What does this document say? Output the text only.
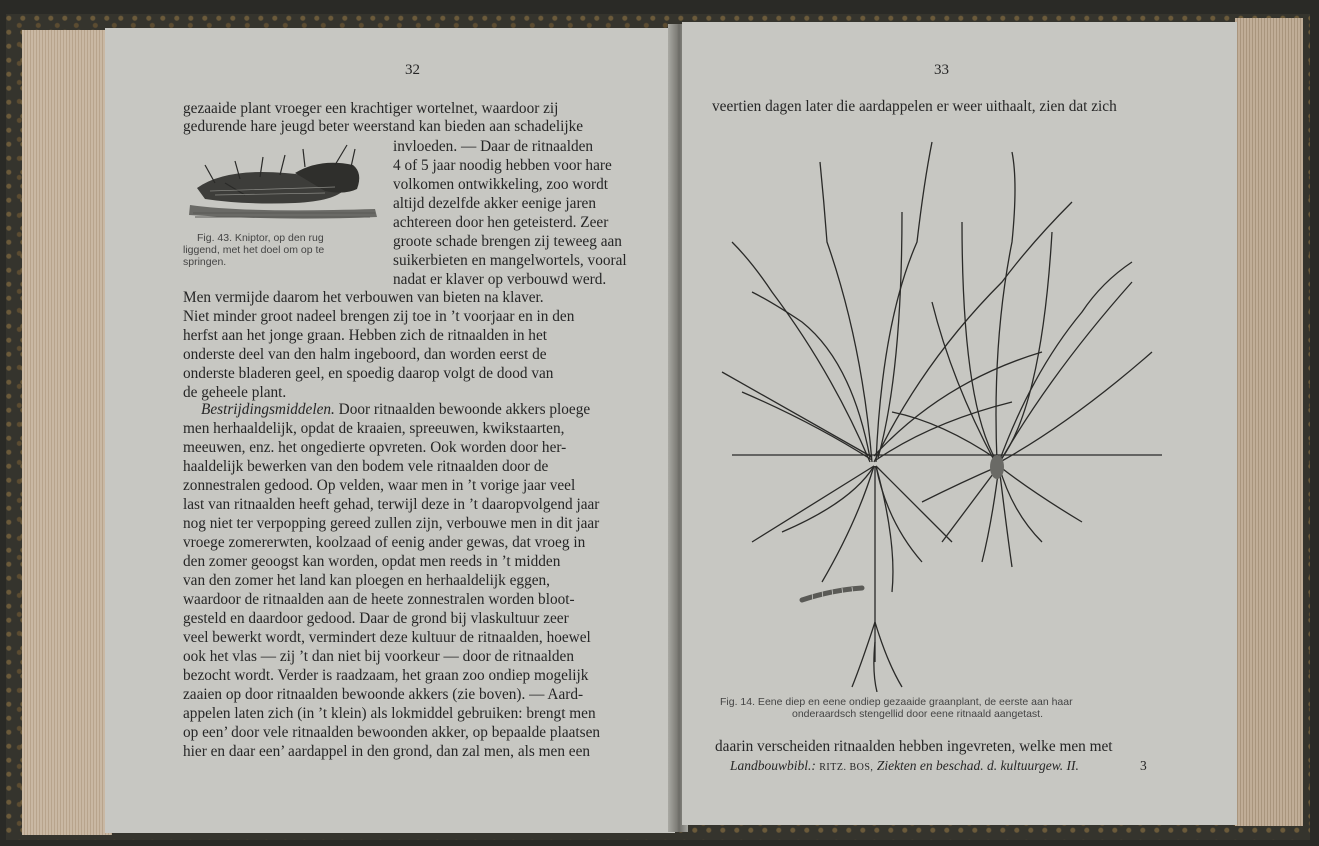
32
gezaaide plant vroeger een krachtiger wortelnet, waardoor zij
gedurende hare jeugd beter weerstand kan bieden aan schadelijke
invloeden. — Daar de ritnaalden
4 of 5 jaar noodig hebben voor hare
volkomen ontwikkeling, zoo wordt
altijd dezelfde akker eenige jaren
achtereen door hen geteisterd. Zeer
groote schade brengen zij teweeg aan
suikerbieten en mangelwortels, vooral
nadat er klaver op verbouwd werd.
Fig. 43. Kniptor, op den rug
liggend, met het doel om op te
springen.
Men vermijde daarom het verbouwen van bieten na klaver.
Niet minder groot nadeel brengen zij toe in ’t voorjaar en in den
herfst aan het jonge graan. Hebben zich de ritnaalden in het
onderste deel van den halm ingeboord, dan worden eerst de
onderste bladeren geel, en spoedig daarop volgt de dood van
de geheele plant.
Bestrijdingsmiddelen. Door ritnaalden bewoonde akkers ploege
men herhaaldelijk, opdat de kraaien, spreeuwen, kwikstaarten,
meeuwen, enz. het ongedierte opvreten. Ook worden door her-
haaldelijk bewerken van den bodem vele ritnaalden door de
zonnestralen gedood. Op velden, waar men in ’t vorige jaar veel
last van ritnaalden heeft gehad, terwijl deze in ’t daaropvolgend jaar
nog niet ter verpopping gereed zullen zijn, verbouwe men in dit jaar
vroege zomererwten, koolzaad of eenig ander gewas, dat vroeg in
den zomer geoogst kan worden, opdat men reeds in ’t midden
van den zomer het land kan ploegen en herhaaldelijk eggen,
waardoor de ritnaalden aan de heete zonnestralen worden bloot-
gesteld en daardoor gedood. Daar de grond bij vlaskultuur zeer
veel bewerkt wordt, vermindert deze kultuur de ritnaalden, hoewel
ook het vlas — zij ’t dan niet bij voorkeur — door de ritnaalden
bezocht wordt. Verder is raadzaam, het graan zoo ondiep mogelijk
zaaien op door ritnaalden bewoonde akkers (zie boven). — Aard-
appelen laten zich (in ’t klein) als lokmiddel gebruiken: brengt men
op een’ door vele ritnaalden bewoonden akker, op bepaalde plaatsen
hier en daar een’ aardappel in den grond, dan zal men, als men een
33
veertien dagen later die aardappelen er weer uithaalt, zien dat zich
Fig. 14. Eene diep en eene ondiep gezaaide graanplant, de eerste aan haar
onderaardsch stengellid door eene ritnaald aangetast.
daarin verscheiden ritnaalden hebben ingevreten, welke men met
Landbouwbibl.: RITZ. BOS, Ziekten en beschad. d. kultuurgew. II.	3
